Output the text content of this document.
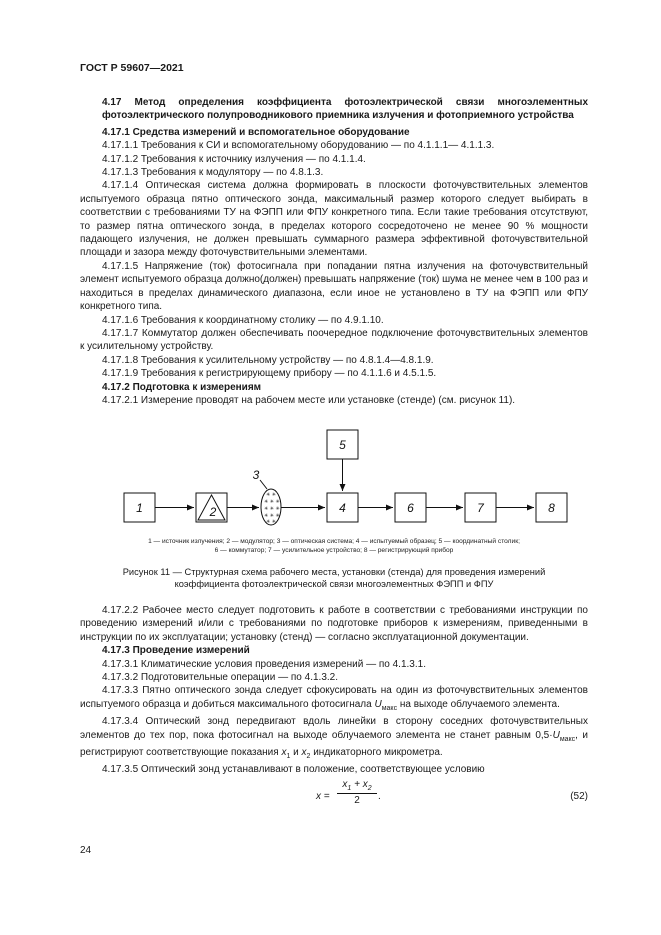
ГОСТ Р 59607—2021

4.17 Метод определения коэффициента фотоэлектрической связи многоэлементных фотоэлектрического полупроводникового приемника излучения и фотоприемного устройства

4.17.1 Средства измерений и вспомогательное оборудование

4.17.1.1 Требования к СИ и вспомогательному оборудованию — по 4.1.1.1— 4.1.1.3.

4.17.1.2 Требования к источнику излучения — по 4.1.1.4.

4.17.1.3 Требования к модулятору — по 4.8.1.3.

4.17.1.4 Оптическая система должна формировать в плоскости фоточувствительных элементов испытуемого образца пятно оптического зонда, максимальный размер которого следует выбирать в соответствии с требованиями ТУ на ФЭПП или ФПУ конкретного типа. Если такие требования отсутствуют, то размер пятна оптического зонда, в пределах которого сосредоточено не менее 90 % мощности падающего излучения, не должен превышать суммарного размера эффективной фоточувствительной площади и зазора между фоточувствительными элементами.

4.17.1.5 Напряжение (ток) фотосигнала при попадании пятна излучения на фоточувствительный элемент испытуемого образца должно(должен) превышать напряжение (ток) шума не менее чем в 100 раз и находиться в пределах динамического диапазона, если иное не установлено в ТУ на ФЭПП или ФПУ конкретного типа.

4.17.1.6 Требования к координатному столику — по 4.9.1.10.

4.17.1.7 Коммутатор должен обеспечивать поочередное подключение фоточувствительных элементов к усилительному устройству.

4.17.1.8 Требования к усилительному устройству — по 4.8.1.4—4.8.1.9.

4.17.1.9 Требования к регистрирующему прибору — по 4.1.1.6 и 4.5.1.5.

4.17.2 Подготовка к измерениям

4.17.2.1 Измерение проводят на рабочем месте или установке (стенде) (см. рисунок 11).

✳ ✳
✳ ✳ ✳
✳ ✳ ✳
✳ ✳ ✳
✳ ✳
1	2
3
4
5
6	7	8
1 — источник излучения; 2 — модулятор; 3 — оптическая система; 4 — испытуемый образец; 5 — координатный столик;
6 — коммутатор; 7 — усилительное устройство; 8 — регистрирующий прибор
Рисунок 11 — Структурная схема рабочего места, установки (стенда) для проведения измерений
коэффициента фотоэлектрической связи многоэлементных ФЭПП и ФПУ

4.17.2.2 Рабочее место следует подготовить к работе в соответствии с требованиями инструкции по проведению измерений и/или с требованиями по подготовке приборов к измерениям, приведенными в инструкции по их эксплуатации; установку (стенд) — согласно эксплуатационной документации.

4.17.3 Проведение измерений

4.17.3.1 Климатические условия проведения измерений — по 4.1.3.1.

4.17.3.2 Подготовительные операции — по 4.1.3.2.

4.17.3.3 Пятно оптического зонда следует сфокусировать на один из фоточувствительных элементов испытуемого образца и добиться максимального фотосигнала $U_{макс}$ на выходе облучаемого элемента.

4.17.3.4 Оптический зонд передвигают вдоль линейки в сторону соседних фоточувствительных элементов до тех пор, пока фотосигнал на выходе облучаемого элемента не станет равным $0,5\cdot U_{макс}$, и регистрируют соответствующие показания $x_1$ и $x_2$ индикаторного микрометра.

4.17.3.5 Оптический зонд устанавливают в положение, соответствующее условию

$x = \frac{x_1 + x_2}{2}$ .	(52)
24
